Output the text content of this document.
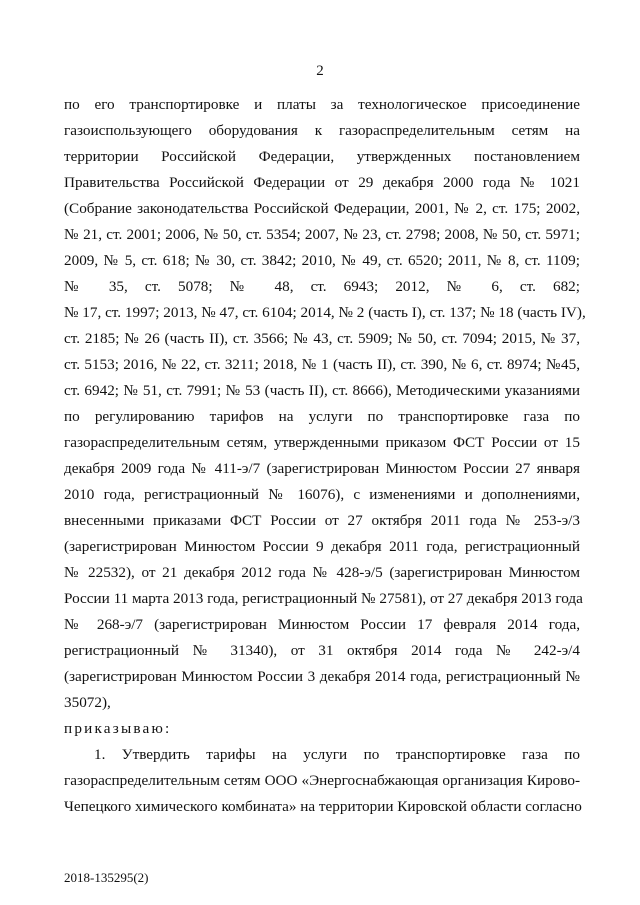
2
по его транспортировке и платы за технологическое присоединение
газоиспользующего оборудования к газораспределительным сетям на
территории Российской Федерации, утвержденных постановлением
Правительства Российской Федерации от 29 декабря 2000 года № 1021
(Собрание законодательства Российской Федерации, 2001, № 2, ст. 175; 2002,
№ 21, ст. 2001; 2006, № 50, ст. 5354; 2007, № 23, ст. 2798; 2008, № 50, ст. 5971;
2009, № 5, ст. 618; № 30, ст. 3842; 2010, № 49, ст. 6520; 2011, № 8, ст. 1109;
№ 35, ст. 5078; № 48, ст. 6943; 2012, № 6, ст. 682;
№ 17, ст. 1997; 2013, № 47, ст. 6104; 2014, № 2 (часть I), ст. 137; № 18 (часть IV),
ст. 2185; № 26 (часть II), ст. 3566; № 43, ст. 5909; № 50, ст. 7094; 2015, № 37,
ст. 5153; 2016, № 22, ст. 3211; 2018, № 1 (часть II), ст. 390, № 6, ст. 8974; №45,
ст. 6942; № 51, ст. 7991; № 53 (часть II), ст. 8666), Методическими указаниями
по регулированию тарифов на услуги по транспортировке газа по
газораспределительным сетям, утвержденными приказом ФСТ России от 15
декабря 2009 года № 411-э/7 (зарегистрирован Минюстом России 27 января
2010 года, регистрационный № 16076), с изменениями и дополнениями,
внесенными приказами ФСТ России от 27 октября 2011 года № 253-э/3
(зарегистрирован Минюстом России 9 декабря 2011 года, регистрационный
№ 22532), от 21 декабря 2012 года № 428-э/5 (зарегистрирован Минюстом
России 11 марта 2013 года, регистрационный № 27581), от 27 декабря 2013 года
№ 268-э/7 (зарегистрирован Минюстом России 17 февраля 2014 года,
регистрационный № 31340), от 31 октября 2014 года № 242-э/4
(зарегистрирован Минюстом России 3 декабря 2014 года, регистрационный №
35072),
приказываю:
1. Утвердить тарифы на услуги по транспортировке газа по
газораспределительным сетям ООО «Энергоснабжающая организация Кирово-
Чепецкого химического комбината» на территории Кировской области согласно
2018-135295(2)
